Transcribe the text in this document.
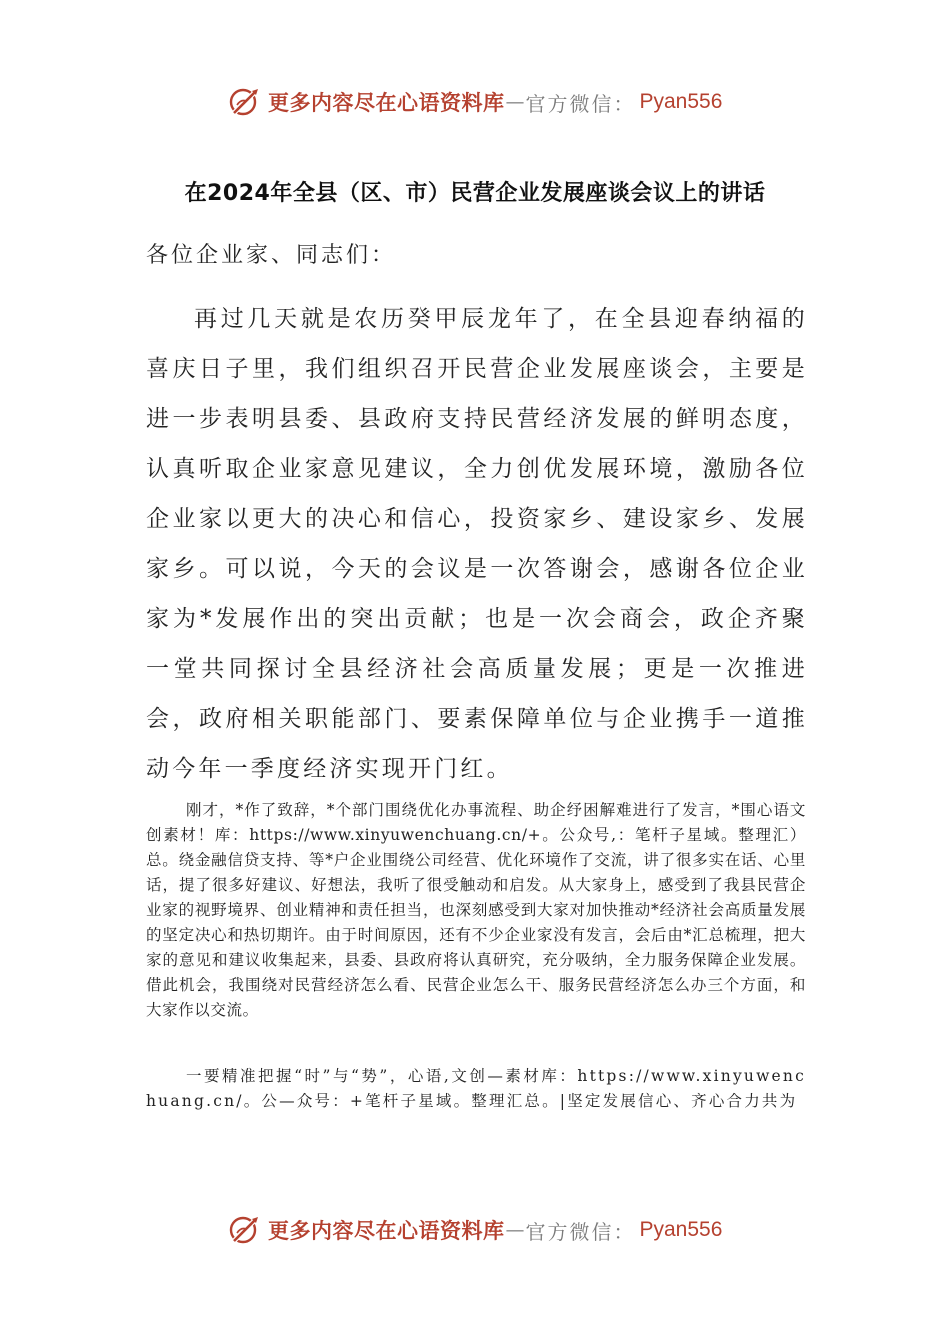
更多内容尽在心语资料库 — 官方微信： Pyan556
在2024年全县（区、市）民营企业发展座谈会议上的讲话
各位企业家、同志们：

再过几天就是农历癸甲辰龙年了，在全县迎春纳福的喜庆日子里，我们组织召开民营企业发展座谈会，主要是进一步表明县委、县政府支持民营经济发展的鲜明态度，认真听取企业家意见建议，全力创优发展环境，激励各位企业家以更大的决心和信心，投资家乡、建设家乡、发展家乡。可以说，今天的会议是一次答谢会，感谢各位企业家为*发展作出的突出贡献；也是一次会商会，政企齐聚一堂共同探讨全县经济社会高质量发展；更是一次推进会，政府相关职能部门、要素保障单位与企业携手一道推动今年一季度经济实现开门红。

刚才，*作了致辞，*个部门围绕优化办事流程、助企纾困解难进行了发言，*围心语文创素材！库：https://www.xinyuwenchuang.cn/+。公众号,：笔杆子星域。整理汇）总。绕金融信贷支持、等*户企业围绕公司经营、优化环境作了交流，讲了很多实在话、心里话，提了很多好建议、好想法，我听了很受触动和启发。从大家身上，感受到了我县民营企业家的视野境界、创业精神和责任担当，也深刻感受到大家对加快推动*经济社会高质量发展的坚定决心和热切期许。由于时间原因，还有不少企业家没有发言，会后由*汇总梳理，把大家的意见和建议收集起来，县委、县政府将认真研究，充分吸纳，全力服务保障企业发展。借此机会，我围绕对民营经济怎么看、民营企业怎么干、服务民营经济怎么办三个方面，和大家作以交流。

一要精准把握“时”与“势”，心语,文创—素材库：https://www.xinyuwenchuang.cn/。公—众号：+笔杆子星域。整理汇总。|坚定发展信心、齐心合力共为

更多内容尽在心语资料库 — 官方微信： Pyan556
